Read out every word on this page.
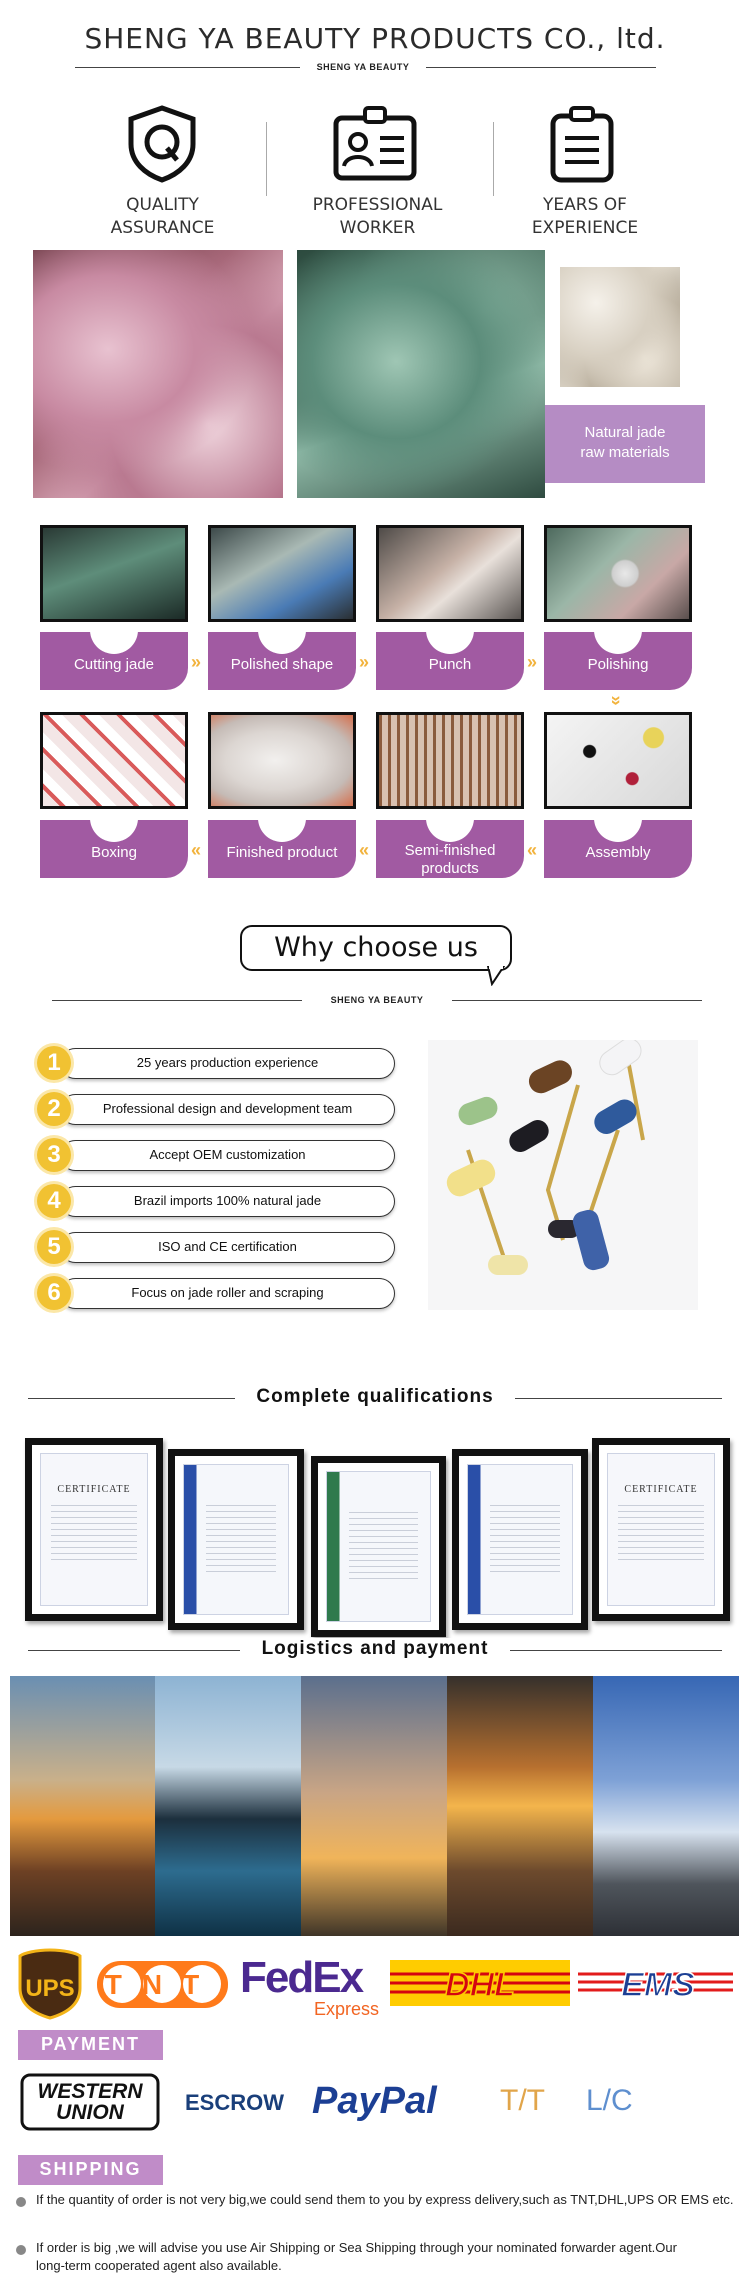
SHENG YA BEAUTY PRODUCTS CO., ltd.
SHENG YA BEAUTY
QUALITY
ASSURANCE
PROFESSIONAL
WORKER
YEARS OF
EXPERIENCE
Natural jade
raw materials
Cutting jade	Polished shape	Punch	Polishing
»	»	»
»
Boxing	Finished product	Semi-finished products
Assembly
«	«	«
Why choose us
SHENG YA BEAUTY
25 years production experience
Professional design and development team
Accept OEM customization
Brazil imports 100% natural jade
ISO and CE certification
Focus on jade roller and scraping
1
2
3
4
5
6
Complete qualifications
CERTIFICATE	CERTIFICATE
Logistics and payment
UPS TNT FedEx
Express
DHL	EMS
PAYMENT
WESTERN UNION	ESCROW PayPal	T/T	L/C
SHIPPING
If the quantity of order is not very big,we could send them to you by express delivery,such as TNT,DHL,UPS OR EMS etc.
If order is big ,we will advise you use Air Shipping or Sea Shipping through your nominated forwarder agent.Our long-term cooperated agent also available.
